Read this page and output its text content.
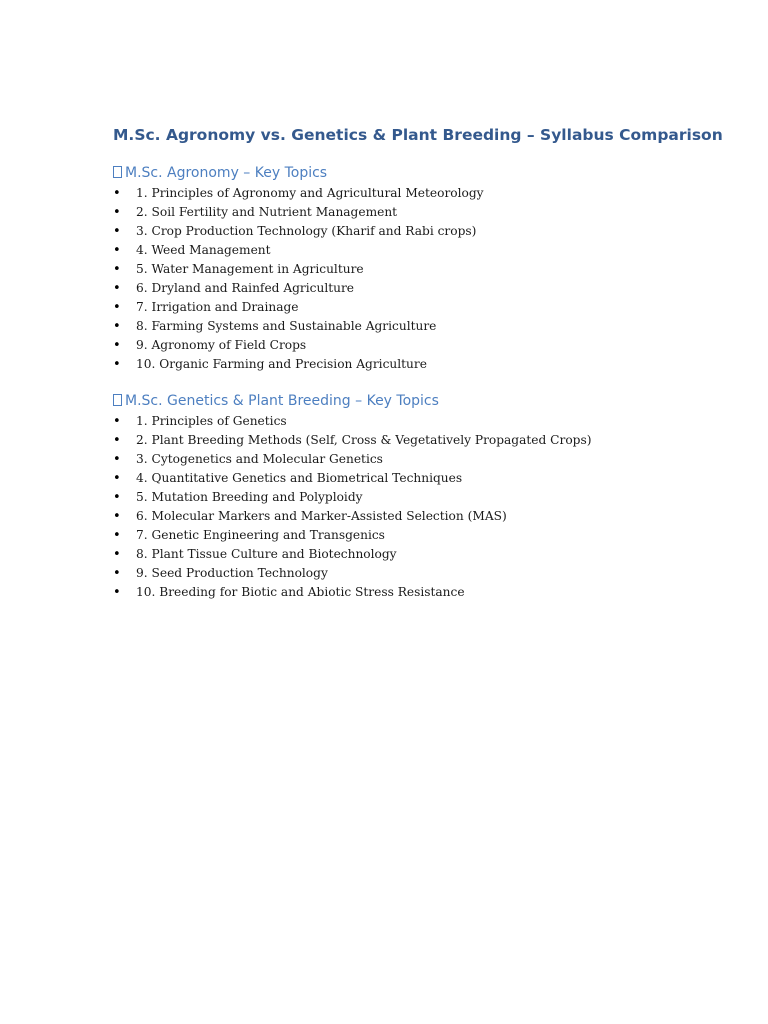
M.Sc. Agronomy vs. Genetics & Plant Breeding – Syllabus Comparison
M.Sc. Agronomy – Key Topics
•	1. Principles of Agronomy and Agricultural Meteorology
•	2. Soil Fertility and Nutrient Management
•	3. Crop Production Technology (Kharif and Rabi crops)
•	4. Weed Management
•	5. Water Management in Agriculture
•	6. Dryland and Rainfed Agriculture
•	7. Irrigation and Drainage
•	8. Farming Systems and Sustainable Agriculture
•	9. Agronomy of Field Crops
•	10. Organic Farming and Precision Agriculture
M.Sc. Genetics & Plant Breeding – Key Topics
•	1. Principles of Genetics
•	2. Plant Breeding Methods (Self, Cross & Vegetatively Propagated Crops)
•	3. Cytogenetics and Molecular Genetics
•	4. Quantitative Genetics and Biometrical Techniques
•	5. Mutation Breeding and Polyploidy
•	6. Molecular Markers and Marker-Assisted Selection (MAS)
•	7. Genetic Engineering and Transgenics
•	8. Plant Tissue Culture and Biotechnology
•	9. Seed Production Technology
•	10. Breeding for Biotic and Abiotic Stress Resistance
